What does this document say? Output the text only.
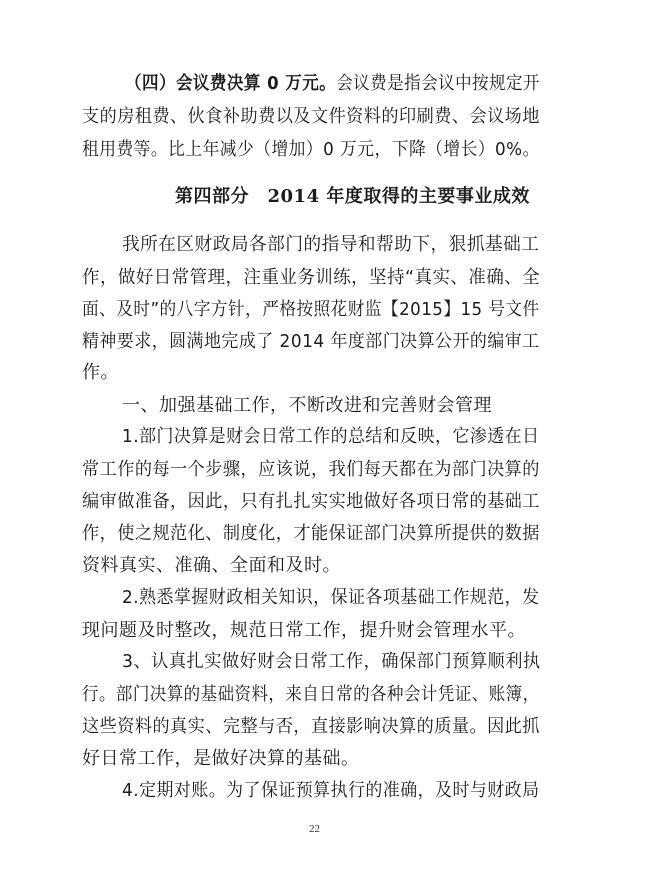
（四）会议费决算 0 万元。会议费是指会议中按规定开
支的房租费、伙食补助费以及文件资料的印刷费、会议场地
租用费等。比上年减少（增加）0 万元，下降（增长）0%。
第四部分　2014 年度取得的主要事业成效
我所在区财政局各部门的指导和帮助下，狠抓基础工
作，做好日常管理，注重业务训练，坚持“真实、准确、全
面、及时”的八字方针，严格按照花财监【2015】15 号文件
精神要求，圆满地完成了 2014 年度部门决算公开的编审工
作。
一、加强基础工作，不断改进和完善财会管理
1.部门决算是财会日常工作的总结和反映，它渗透在日
常工作的每一个步骤，应该说，我们每天都在为部门决算的
编审做准备，因此，只有扎扎实实地做好各项日常的基础工
作，使之规范化、制度化，才能保证部门决算所提供的数据
资料真实、准确、全面和及时。
2.熟悉掌握财政相关知识，保证各项基础工作规范，发
现问题及时整改，规范日常工作，提升财会管理水平。
3、认真扎实做好财会日常工作，确保部门预算顺利执
行。部门决算的基础资料，来自日常的各种会计凭证、账簿，
这些资料的真实、完整与否，直接影响决算的质量。因此抓
好日常工作，是做好决算的基础。
4.定期对账。为了保证预算执行的准确，及时与财政局
22
